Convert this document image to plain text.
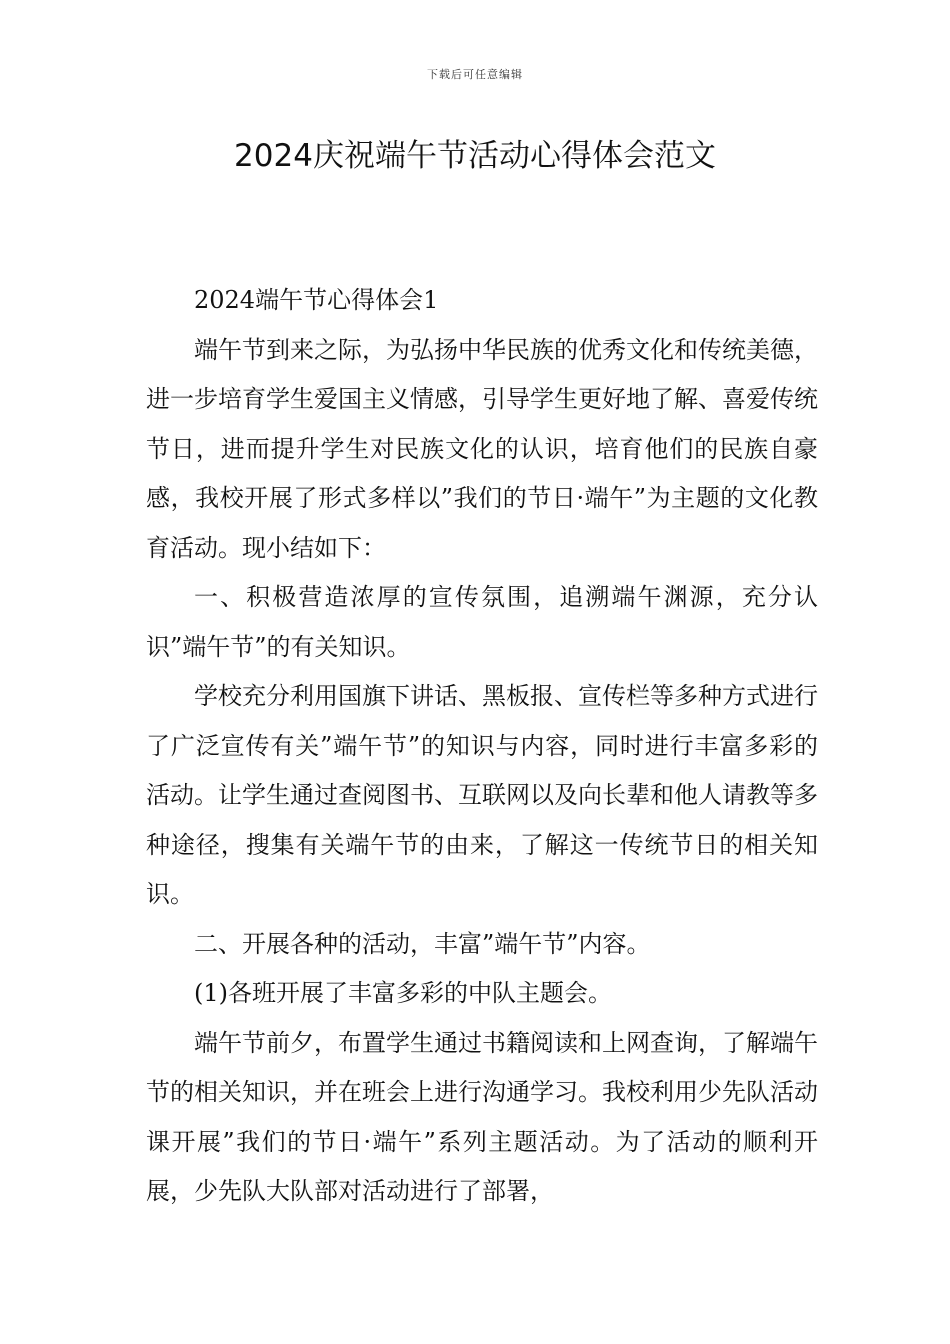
下载后可任意编辑
2024庆祝端午节活动心得体会范文

2024端午节心得体会1

端午节到来之际，为弘扬中华民族的优秀文化和传统美德，进一步培育学生爱国主义情感，引导学生更好地了解、喜爱传统节日，进而提升学生对民族文化的认识，培育他们的民族自豪感，我校开展了形式多样以”我们的节日·端午”为主题的文化教育活动。现小结如下：

一、积极营造浓厚的宣传氛围，追溯端午渊源，充分认识”端午节”的有关知识。

学校充分利用国旗下讲话、黑板报、宣传栏等多种方式进行了广泛宣传有关”端午节”的知识与内容，同时进行丰富多彩的活动。让学生通过查阅图书、互联网以及向长辈和他人请教等多种途径，搜集有关端午节的由来，了解这一传统节日的相关知识。

二、开展各种的活动，丰富”端午节”内容。

(1)各班开展了丰富多彩的中队主题会。

端午节前夕，布置学生通过书籍阅读和上网查询，了解端午节的相关知识，并在班会上进行沟通学习。我校利用少先队活动课开展”我们的节日·端午”系列主题活动。为了活动的顺利开展，少先队大队部对活动进行了部署，
